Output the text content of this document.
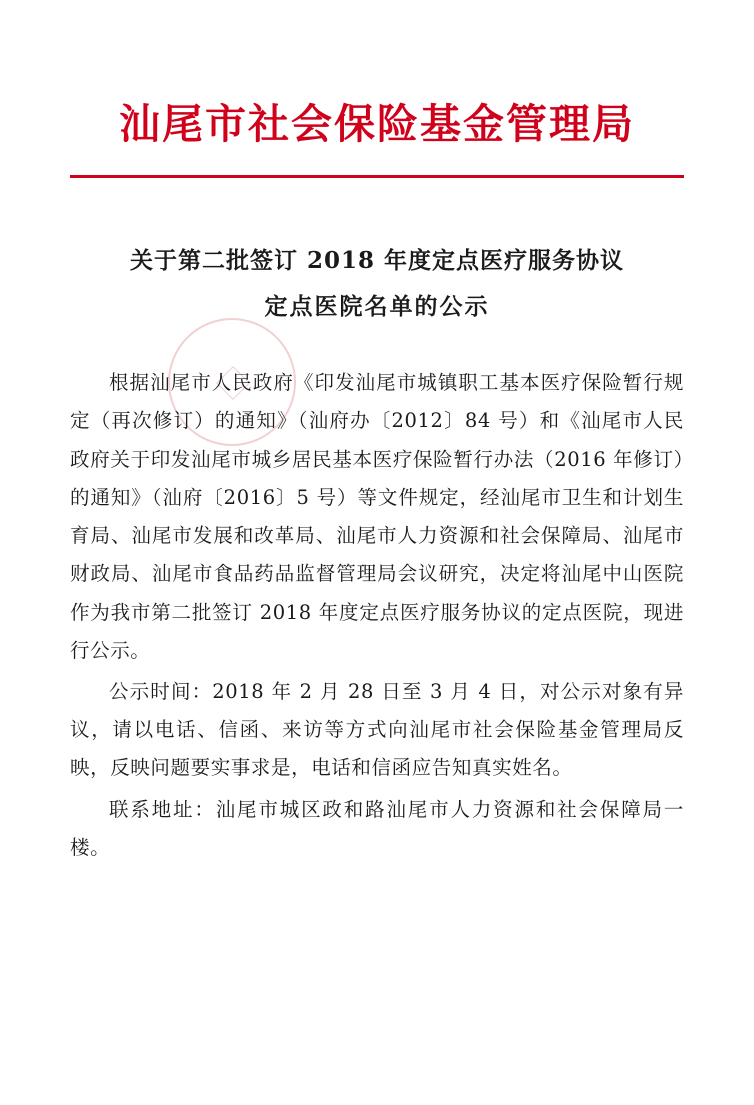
汕尾市社会保险基金管理局
关于第二批签订 2018 年度定点医疗服务协议
定点医院名单的公示

根据汕尾市人民政府《印发汕尾市城镇职工基本医疗保险暂行规定（再次修订）的通知》（汕府办〔2012〕84 号）和《汕尾市人民政府关于印发汕尾市城乡居民基本医疗保险暂行办法（2016 年修订）的通知》（汕府〔2016〕5 号）等文件规定，经汕尾市卫生和计划生育局、汕尾市发展和改革局、汕尾市人力资源和社会保障局、汕尾市财政局、汕尾市食品药品监督管理局会议研究，决定将汕尾中山医院作为我市第二批签订 2018 年度定点医疗服务协议的定点医院，现进行公示。

公示时间：2018 年 2 月 28 日至 3 月 4 日，对公示对象有异议，请以电话、信函、来访等方式向汕尾市社会保险基金管理局反映，反映问题要实事求是，电话和信函应告知真实姓名。

联系地址：汕尾市城区政和路汕尾市人力资源和社会保障局一楼。
